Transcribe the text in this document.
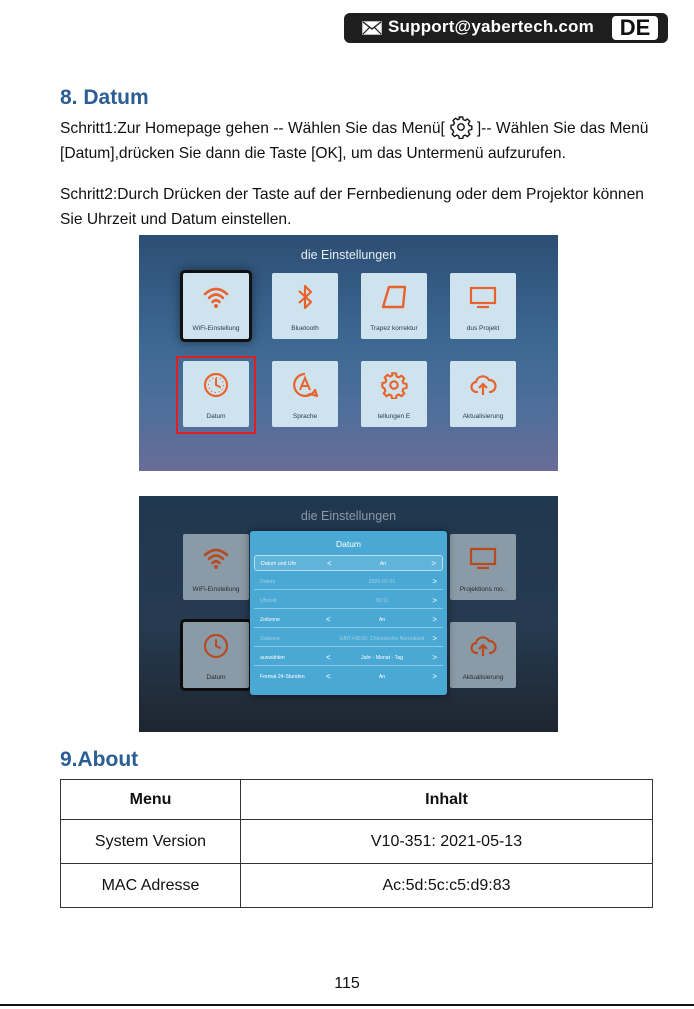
Support@yabertech.com	DE
8. Datum

Schritt1:Zur Homepage gehen -- Wählen Sie das Menü[ ]-- Wählen Sie das Menü [Datum],drücken Sie dann die Taste [OK], um das Untermenü aufzurufen.

Schritt2:Durch Drücken der Taste auf der Fernbedienung oder dem Projektor können Sie Uhrzeit und Datum einstellen.

die Einstellungen
WiFi-Einstellung	Bluetooth	Trapez korrektur	dus Projekt
Datum	Sprache	tellungen E	Aktualisierung
die Einstellungen
WiFi-Einstellung	Projektions mo..
Datum	Aktualisierung
Datum
Datum und Uhr	<	An	>
Datum	2020-01-01	>
Uhrzeit	00:11	>
Zeitzone	<	An	>
Zeitzone	GMT+08:00, Chinesische Normalzeit >
auswählen	<	Jahr - Monat - Tag	>
Format 24-Stunden	<	An	>
9.About
Menu	Inhalt
System Version	V10-351: 2021-05-13
MAC Adresse	Ac:5d:5c:c5:d9:83
115
